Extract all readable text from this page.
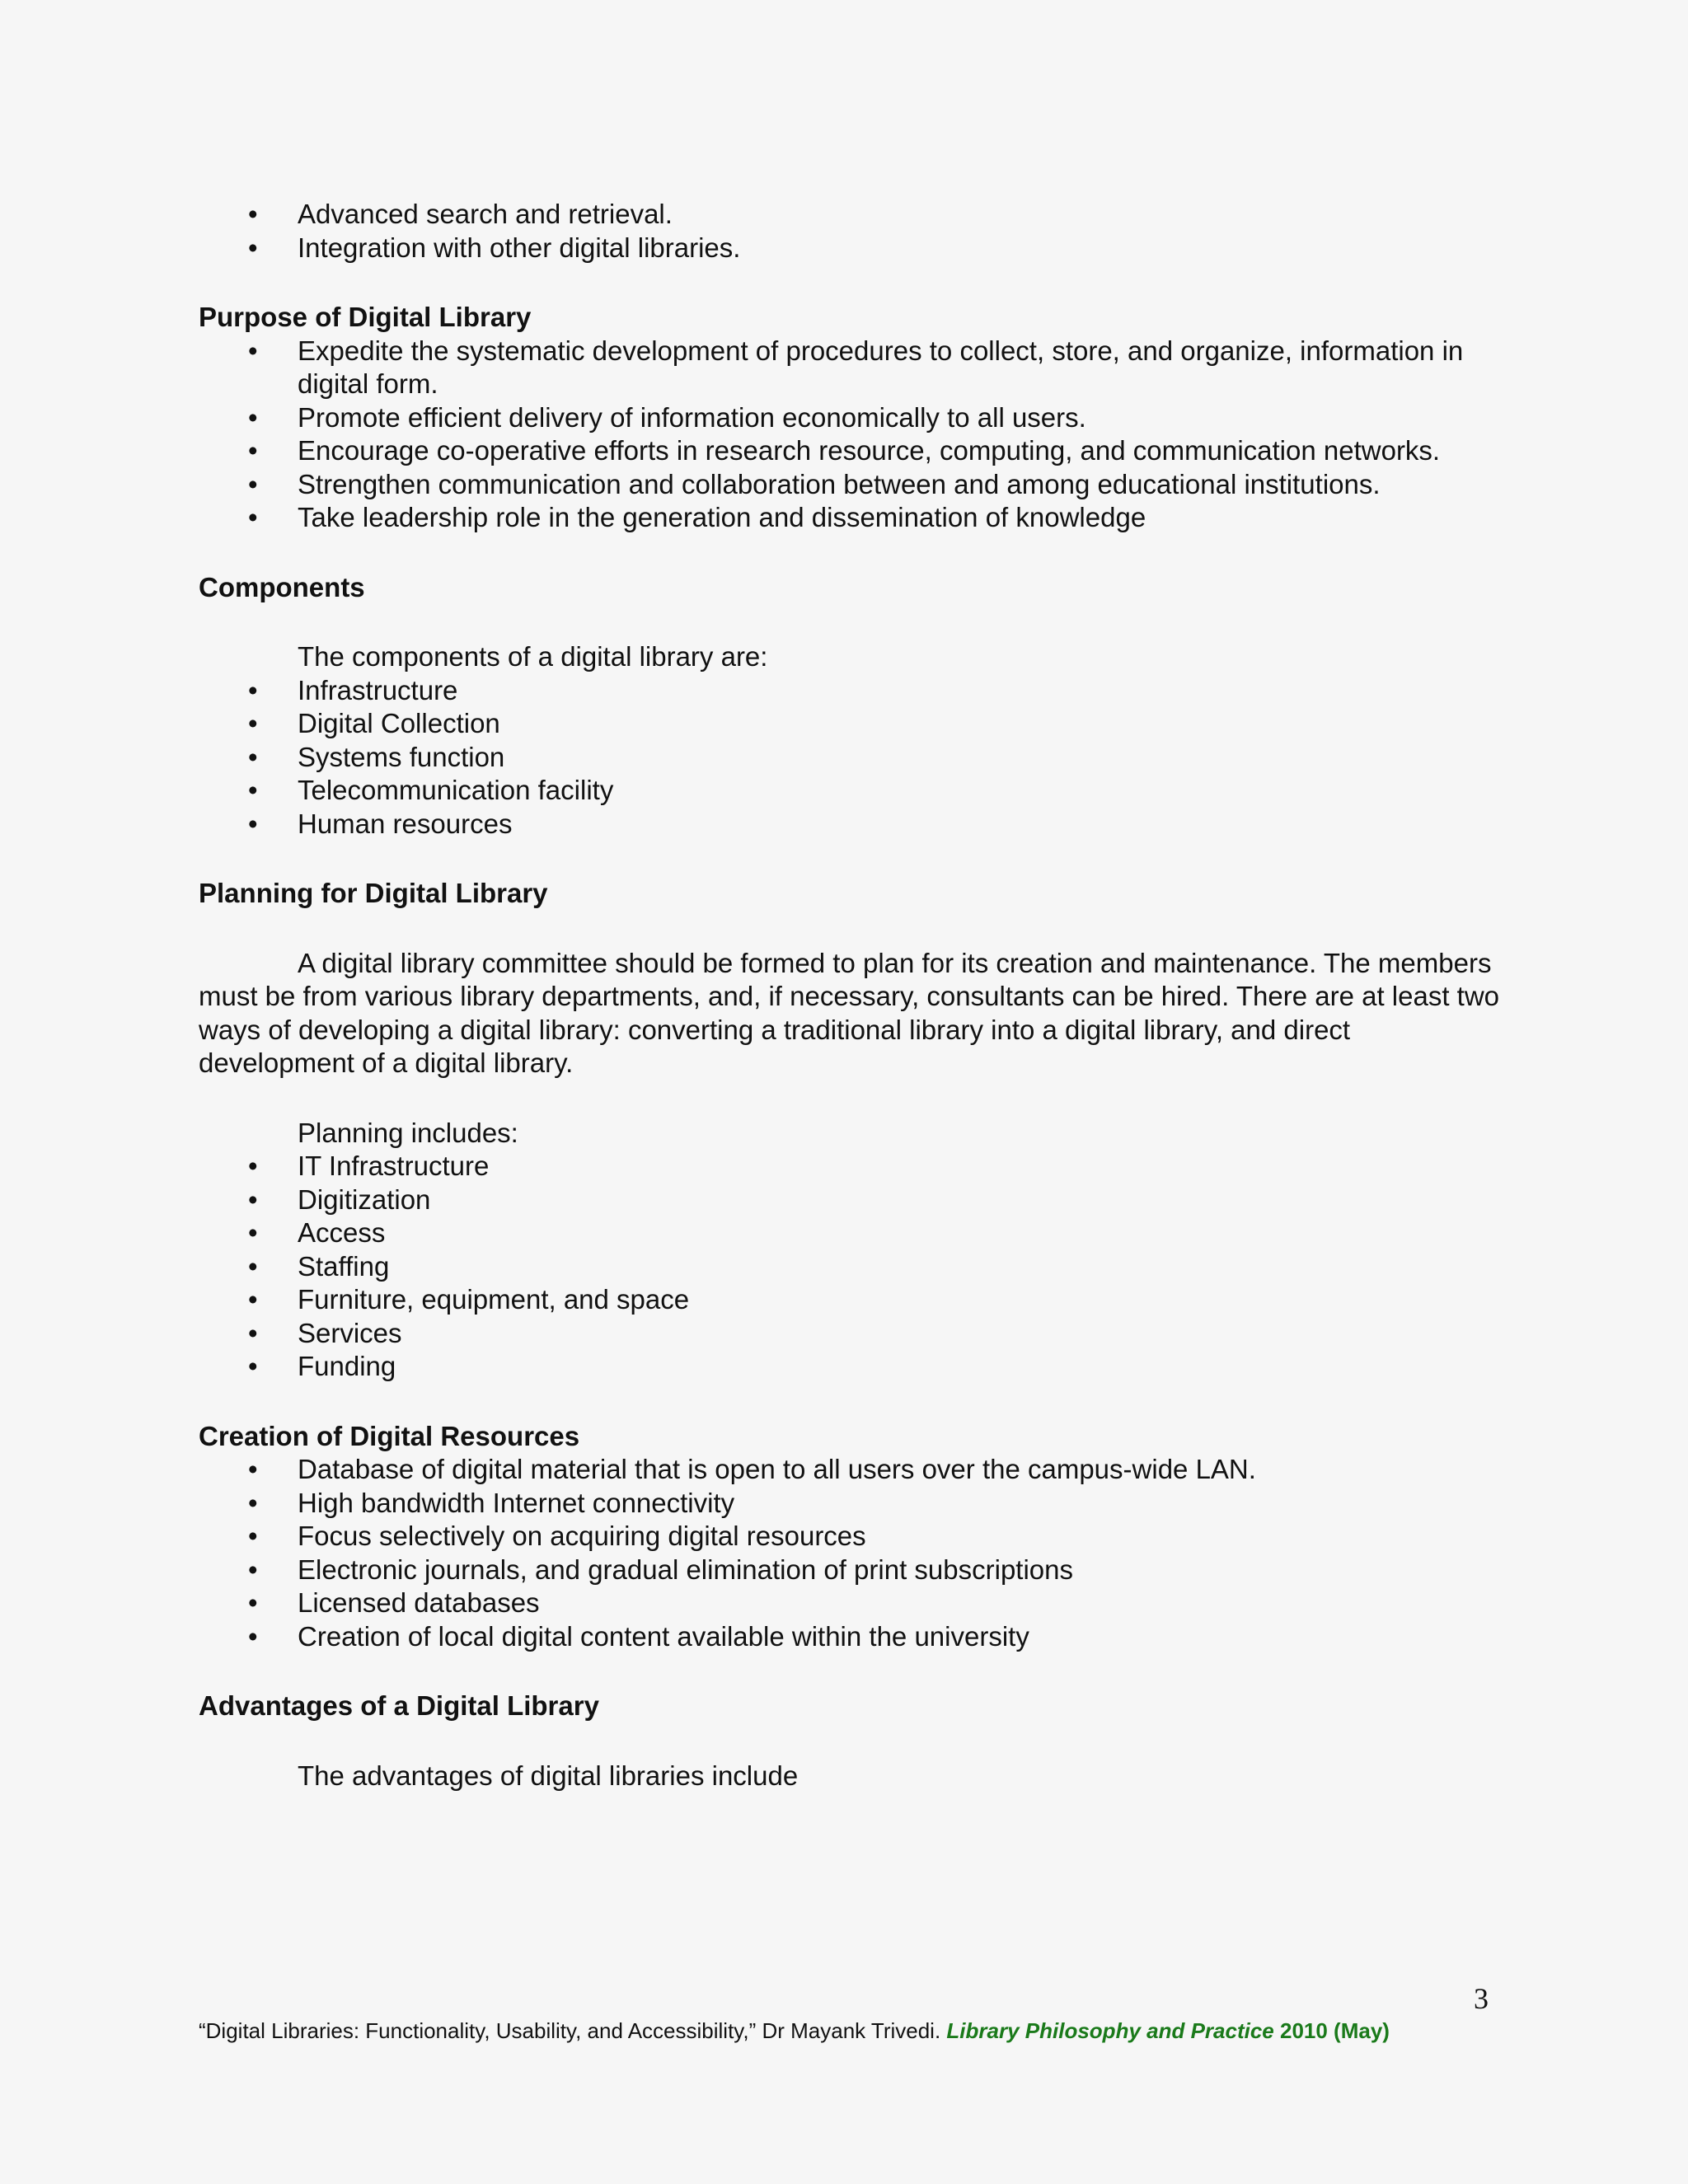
• Advanced search and retrieval.
• Integration with other digital libraries.

Purpose of Digital Library

• Expedite the systematic development of procedures to collect, store, and organize, information in digital form.
• Promote efficient delivery of information economically to all users.
• Encourage co-operative efforts in research resource, computing, and communication networks.
• Strengthen communication and collaboration between and among educational institutions.
• Take leadership role in the generation and dissemination of knowledge

Components

The components of a digital library are:

• Infrastructure
• Digital Collection
• Systems function
• Telecommunication facility
• Human resources

Planning for Digital Library

A digital library committee should be formed to plan for its creation and maintenance. The members must be from various library departments, and, if necessary, consultants can be hired. There are at least two ways of developing a digital library: converting a traditional library into a digital library, and direct development of a digital library.

Planning includes:

• IT Infrastructure
• Digitization
• Access
• Staffing
• Furniture, equipment, and space
• Services
• Funding

Creation of Digital Resources

• Database of digital material that is open to all users over the campus-wide LAN.
• High bandwidth Internet connectivity
• Focus selectively on acquiring digital resources
• Electronic journals, and gradual elimination of print subscriptions
• Licensed databases
• Creation of local digital content available within the university

Advantages of a Digital Library

The advantages of digital libraries include

3
“Digital Libraries: Functionality, Usability, and Accessibility,” Dr Mayank Trivedi. Library Philosophy and Practice 2010 (May)
